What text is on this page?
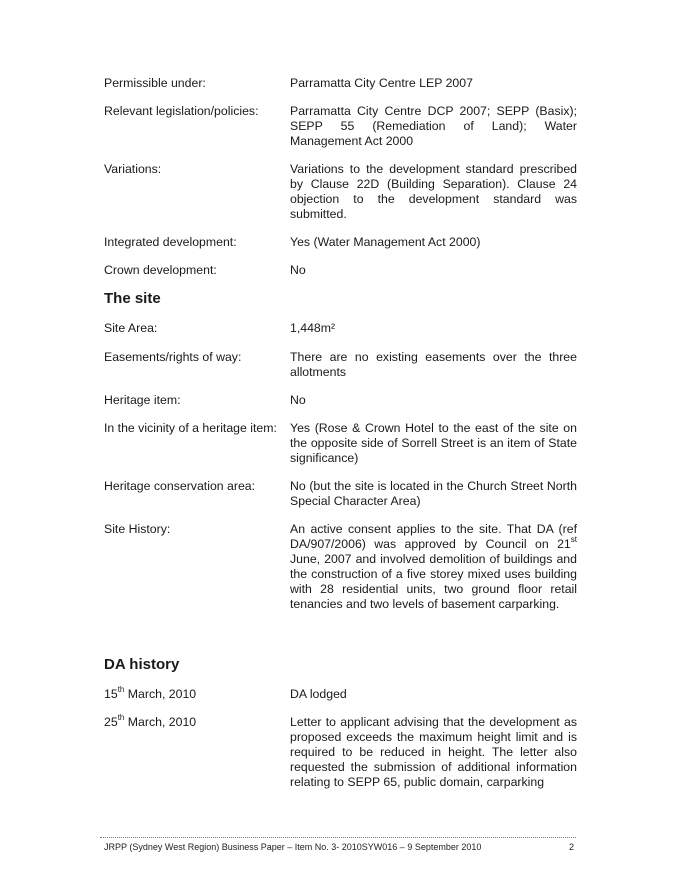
Permissible under:	Parramatta City Centre LEP 2007
Relevant legislation/policies:	Parramatta City Centre DCP 2007; SEPP (Basix); SEPP 55 (Remediation of Land); Water Management Act 2000
Variations:	Variations to the development standard prescribed by Clause 22D (Building Separation). Clause 24 objection to the development standard was submitted.
Integrated development:	Yes (Water Management Act 2000)
Crown development:	No
The site
Site Area:	1,448m²
Easements/rights of way:	There are no existing easements over the three allotments
Heritage item:	No
In the vicinity of a heritage item:	Yes (Rose & Crown Hotel to the east of the site on the opposite side of Sorrell Street is an item of State significance)
Heritage conservation area:	No (but the site is located in the Church Street North Special Character Area)
Site History:	An active consent applies to the site. That DA (ref DA/907/2006) was approved by Council on 21st June, 2007 and involved demolition of buildings and the construction of a five storey mixed uses building with 28 residential units, two ground floor retail tenancies and two levels of basement carparking.
DA history
15th March, 2010	DA lodged
25th March, 2010	Letter to applicant advising that the development as proposed exceeds the maximum height limit and is required to be reduced in height. The letter also requested the submission of additional information relating to SEPP 65, public domain, carparking
JRPP (Sydney West Region) Business Paper – Item No. 3- 2010SYW016 – 9 September 2010	2
